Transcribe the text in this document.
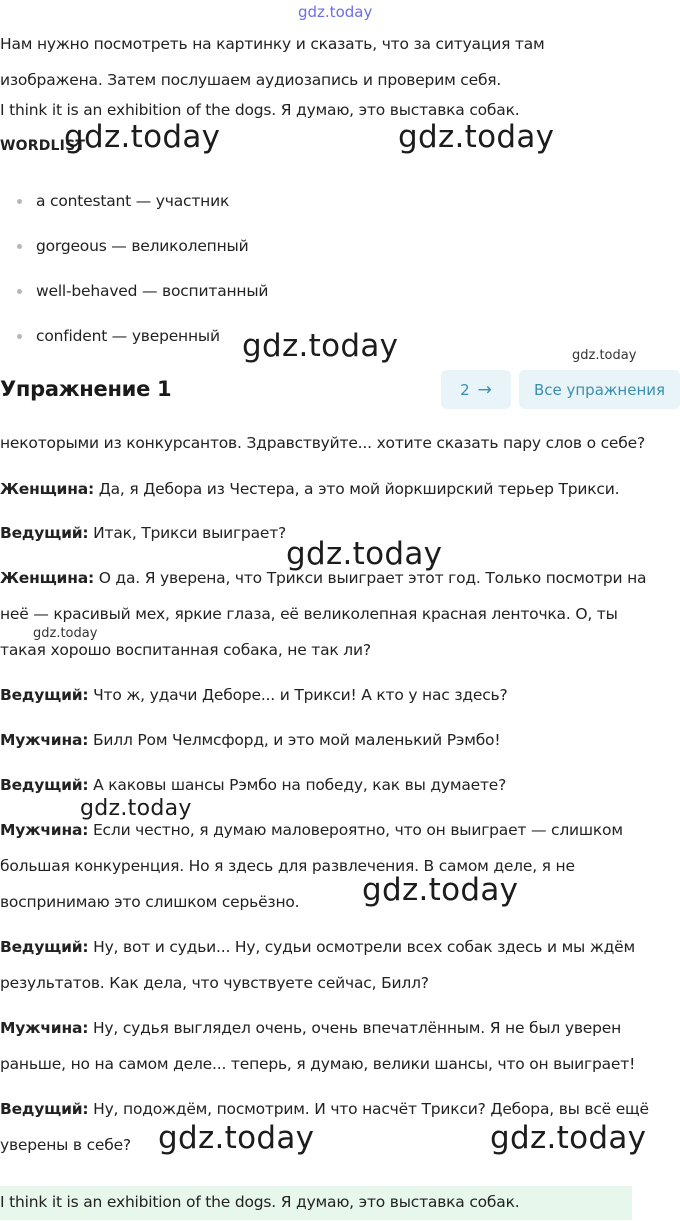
gdz.today
Нам нужно посмотреть на картинку и сказать, что за ситуация там
изображена. Затем послушаем аудиозапись и проверим себя.
I think it is an exhibition of the dogs. Я думаю, это выставка собак.
WORDLIST
gdz.today	gdz.today
a contestant — участник
gorgeous — великолепный
well-behaved — воспитанный
confident — уверенный gdz.today	gdz.today
Упражнение 1	2 →	Все упражнения
некоторыми из конкурсантов. Здравствуйте... хотите сказать пару слов о себе?
Женщина: Да, я Дебора из Честера, а это мой йоркширский терьер Трикси.
Ведущий: Итак, Трикси выиграет?
gdz.today
Женщина: О да. Я уверена, что Трикси выиграет этот год. Только посмотри на
неё — красивый мех, яркие глаза, её великолепная красная ленточка. О, ты
gdz.today
такая хорошо воспитанная собака, не так ли?
Ведущий: Что ж, удачи Деборе... и Трикси! А кто у нас здесь?
Мужчина: Билл Ром Челмсфорд, и это мой маленький Рэмбо!
Ведущий: А каковы шансы Рэмбо на победу, как вы думаете?
gdz.today
Мужчина: Если честно, я думаю маловероятно, что он выиграет — слишком
большая конкуренция. Но я здесь для развлечения. В самом деле, я не
воспринимаю это слишком серьёзно. gdz.today
Ведущий: Ну, вот и судьи... Ну, судьи осмотрели всех собак здесь и мы ждём
результатов. Как дела, что чувствуете сейчас, Билл?
Мужчина: Ну, судья выглядел очень, очень впечатлённым. Я не был уверен
раньше, но на самом деле... теперь, я думаю, велики шансы, что он выиграет!
Ведущий: Ну, подождём, посмотрим. И что насчёт Трикси? Дебора, вы всё ещё
уверены в себе? gdz.today	gdz.today
I think it is an exhibition of the dogs. Я думаю, это выставка собак.
